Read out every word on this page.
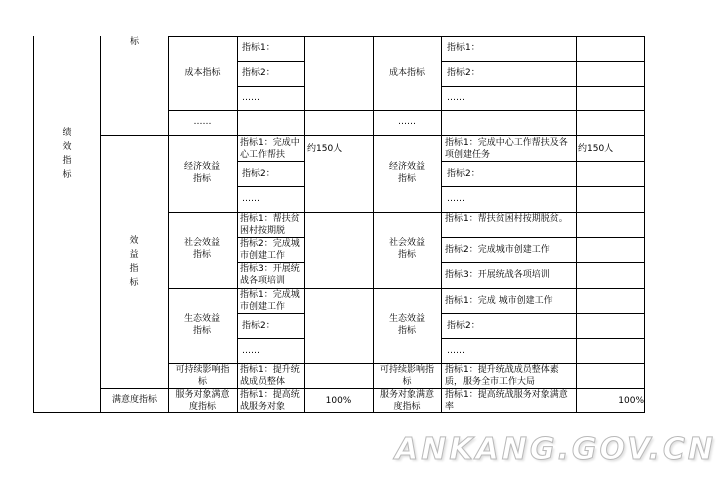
绩效指标
标
效益指标
满意度指标
成本指标
指标1：
指标2：
……
……
经济效益指标
指标1：完成中心工作帮扶
约150人
指标2：
……
社会效益指标
指标1：帮扶贫困村按期脱
指标2：完成城市创建工作
指标3：开展统战各项培训
生态效益指标
指标1：完成城市创建工作
指标2：
……
可持续影响指标
指标1：提升统战成员整体
服务对象满意度指标
指标1：提高统战服务对象
100%
成本指标
指标1：
指标2：
……
……
经济效益指标
指标1：完成中心工作帮扶及各项创建任务
约150人
指标2：
……
社会效益指标
指标1：帮扶贫困村按期脱贫。
指标2：完成城市创建工作
指标3：开展统战各项培训
生态效益指标
指标1：完成 城市创建工作
指标2：
……
可持续影响指标
指标1：提升统战成员整体素质，服务全市工作大局
服务对象满意度指标
指标1：提高统战服务对象满意率
100%
ANKANG.GOV.CN
